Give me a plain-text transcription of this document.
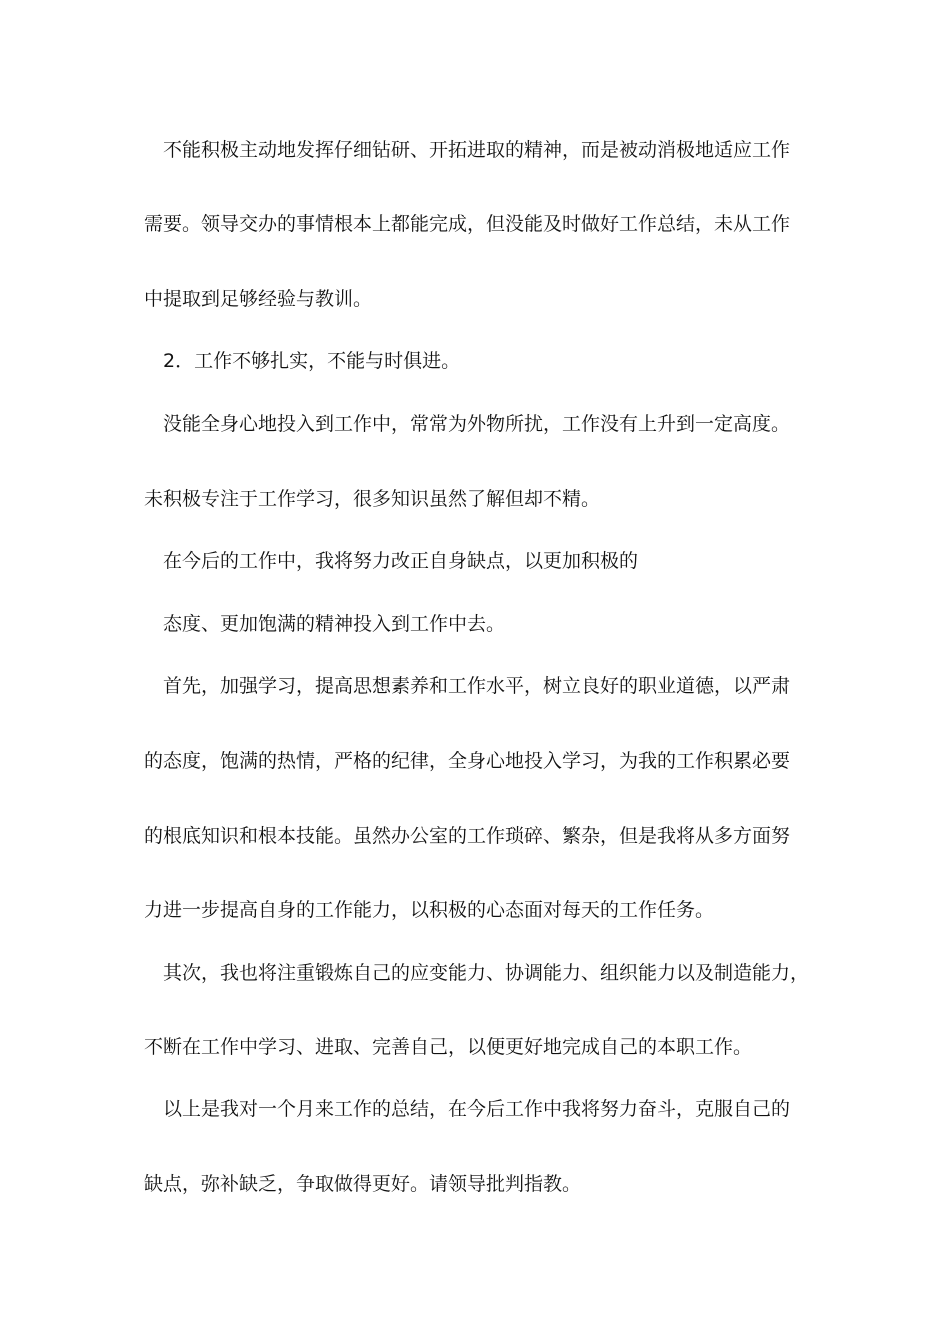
不能积极主动地发挥仔细钻研、开拓进取的精神，而是被动消极地适应工作
需要。领导交办的事情根本上都能完成，但没能及时做好工作总结，未从工作
中提取到足够经验与教训。
2．工作不够扎实，不能与时俱进。
没能全身心地投入到工作中，常常为外物所扰，工作没有上升到一定高度。
未积极专注于工作学习，很多知识虽然了解但却不精。
在今后的工作中，我将努力改正自身缺点，以更加积极的
态度、更加饱满的精神投入到工作中去。
首先，加强学习，提高思想素养和工作水平，树立良好的职业道德，以严肃
的态度，饱满的热情，严格的纪律，全身心地投入学习，为我的工作积累必要
的根底知识和根本技能。虽然办公室的工作琐碎、繁杂，但是我将从多方面努
力进一步提高自身的工作能力，以积极的心态面对每天的工作任务。
其次，我也将注重锻炼自己的应变能力、协调能力、组织能力以及制造能力，
不断在工作中学习、进取、完善自己，以便更好地完成自己的本职工作。
以上是我对一个月来工作的总结，在今后工作中我将努力奋斗，克服自己的
缺点，弥补缺乏，争取做得更好。请领导批判指教。
